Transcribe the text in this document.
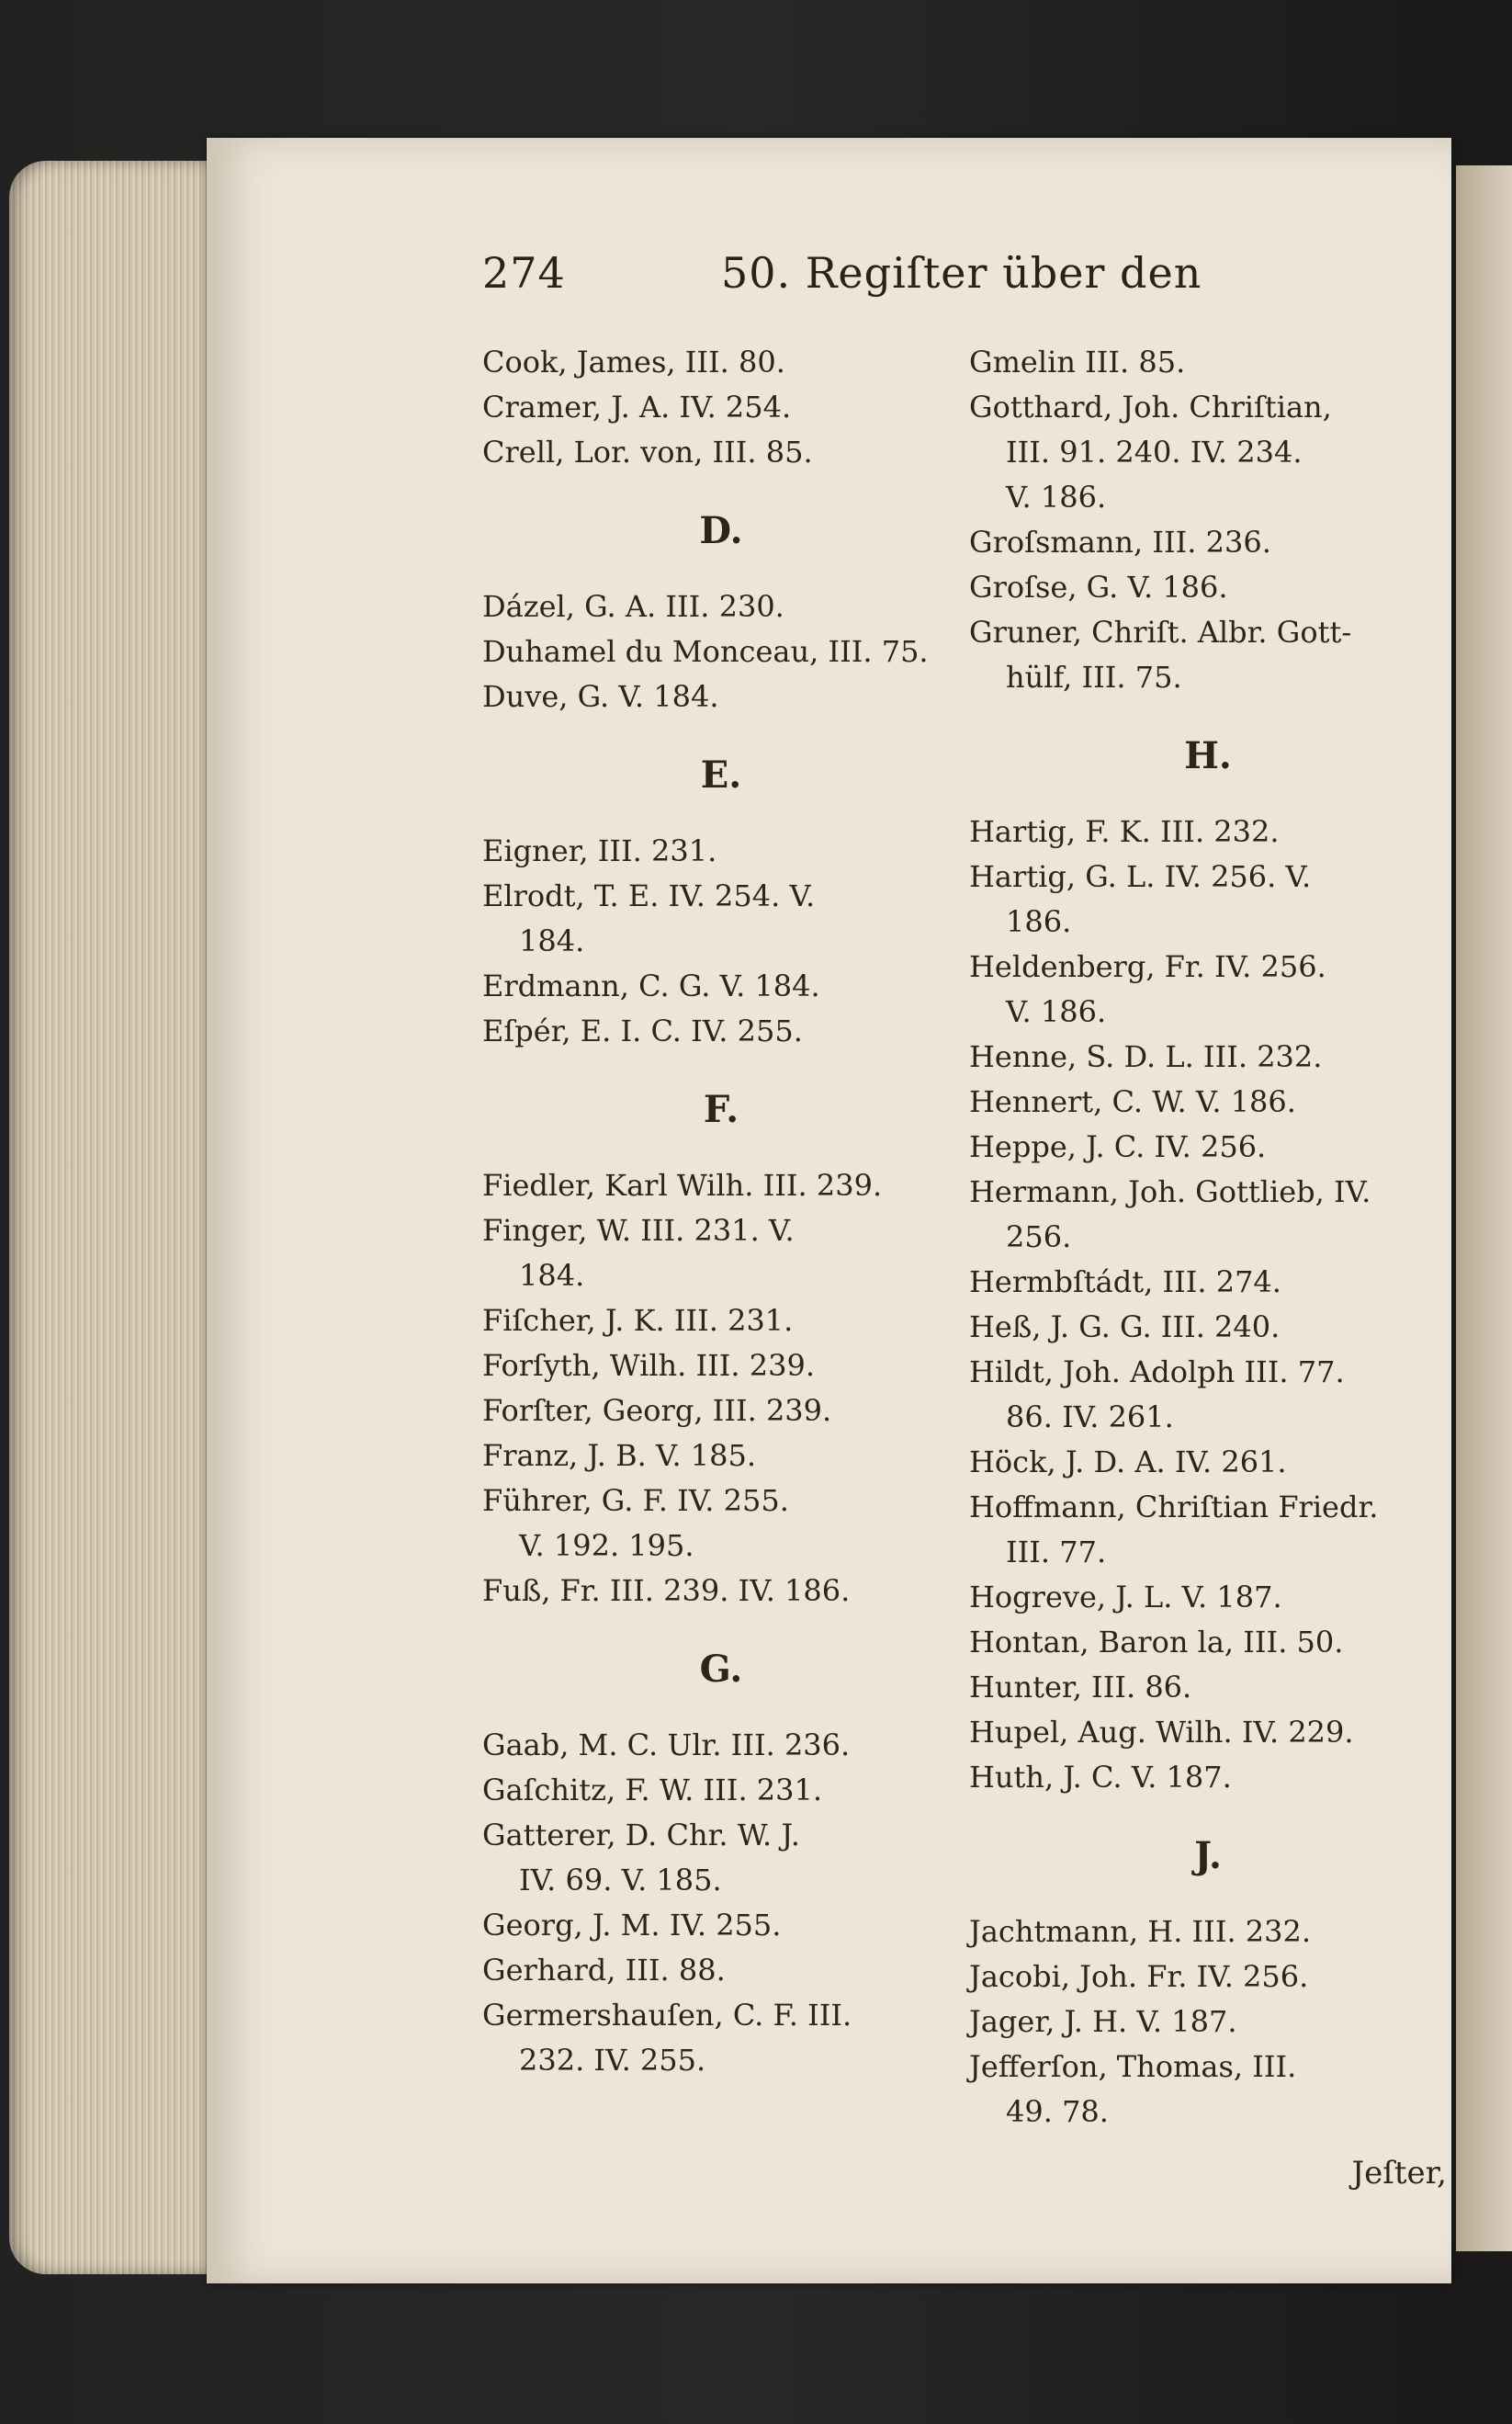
274	50. Regiſter über den
Cook, James, III. 80.
Cramer, J. A. IV. 254.
Crell, Lor. von, III. 85.
D.
Dázel, G. A. III. 230.
Duhamel du Monceau, III. 75.
Duve, G. V. 184.
E.
Eigner, III. 231.
Elrodt, T. E. IV. 254. V.
184.
Erdmann, C. G. V. 184.
Eſpér, E. I. C. IV. 255.
F.
Fiedler, Karl Wilh. III. 239.
Finger, W. III. 231. V.
184.
Fiſcher, J. K. III. 231.
Forſyth, Wilh. III. 239.
Forſter, Georg, III. 239.
Franz, J. B. V. 185.
Führer, G. F. IV. 255.
V. 192. 195.
Fuß, Fr. III. 239. IV. 186.
G.
Gaab, M. C. Ulr. III. 236.
Gaſchitz, F. W. III. 231.
Gatterer, D. Chr. W. J.
IV. 69. V. 185.
Georg, J. M. IV. 255.
Gerhard, III. 88.
Germershauſen, C. F. III.
232. IV. 255.
Gmelin III. 85.
Gotthard, Joh. Chriſtian,
III. 91. 240. IV. 234.
V. 186.
Groſsmann, III. 236.
Groſse, G. V. 186.
Gruner, Chriſt. Albr. Gott-
hülf, III. 75.
H.
Hartig, F. K. III. 232.
Hartig, G. L. IV. 256. V.
186.
Heldenberg, Fr. IV. 256.
V. 186.
Henne, S. D. L. III. 232.
Hennert, C. W. V. 186.
Heppe, J. C. IV. 256.
Hermann, Joh. Gottlieb, IV.
256.
Hermbſtádt, III. 274.
Heß, J. G. G. III. 240.
Hildt, Joh. Adolph III. 77.
86. IV. 261.
Höck, J. D. A. IV. 261.
Hoffmann, Chriſtian Friedr.
III. 77.
Hogreve, J. L. V. 187.
Hontan, Baron la, III. 50.
Hunter, III. 86.
Hupel, Aug. Wilh. IV. 229.
Huth, J. C. V. 187.
J.
Jachtmann, H. III. 232.
Jacobi, Joh. Fr. IV. 256.
Jager, J. H. V. 187.
Jefferſon, Thomas, III.
49. 78.
Jeſter,
